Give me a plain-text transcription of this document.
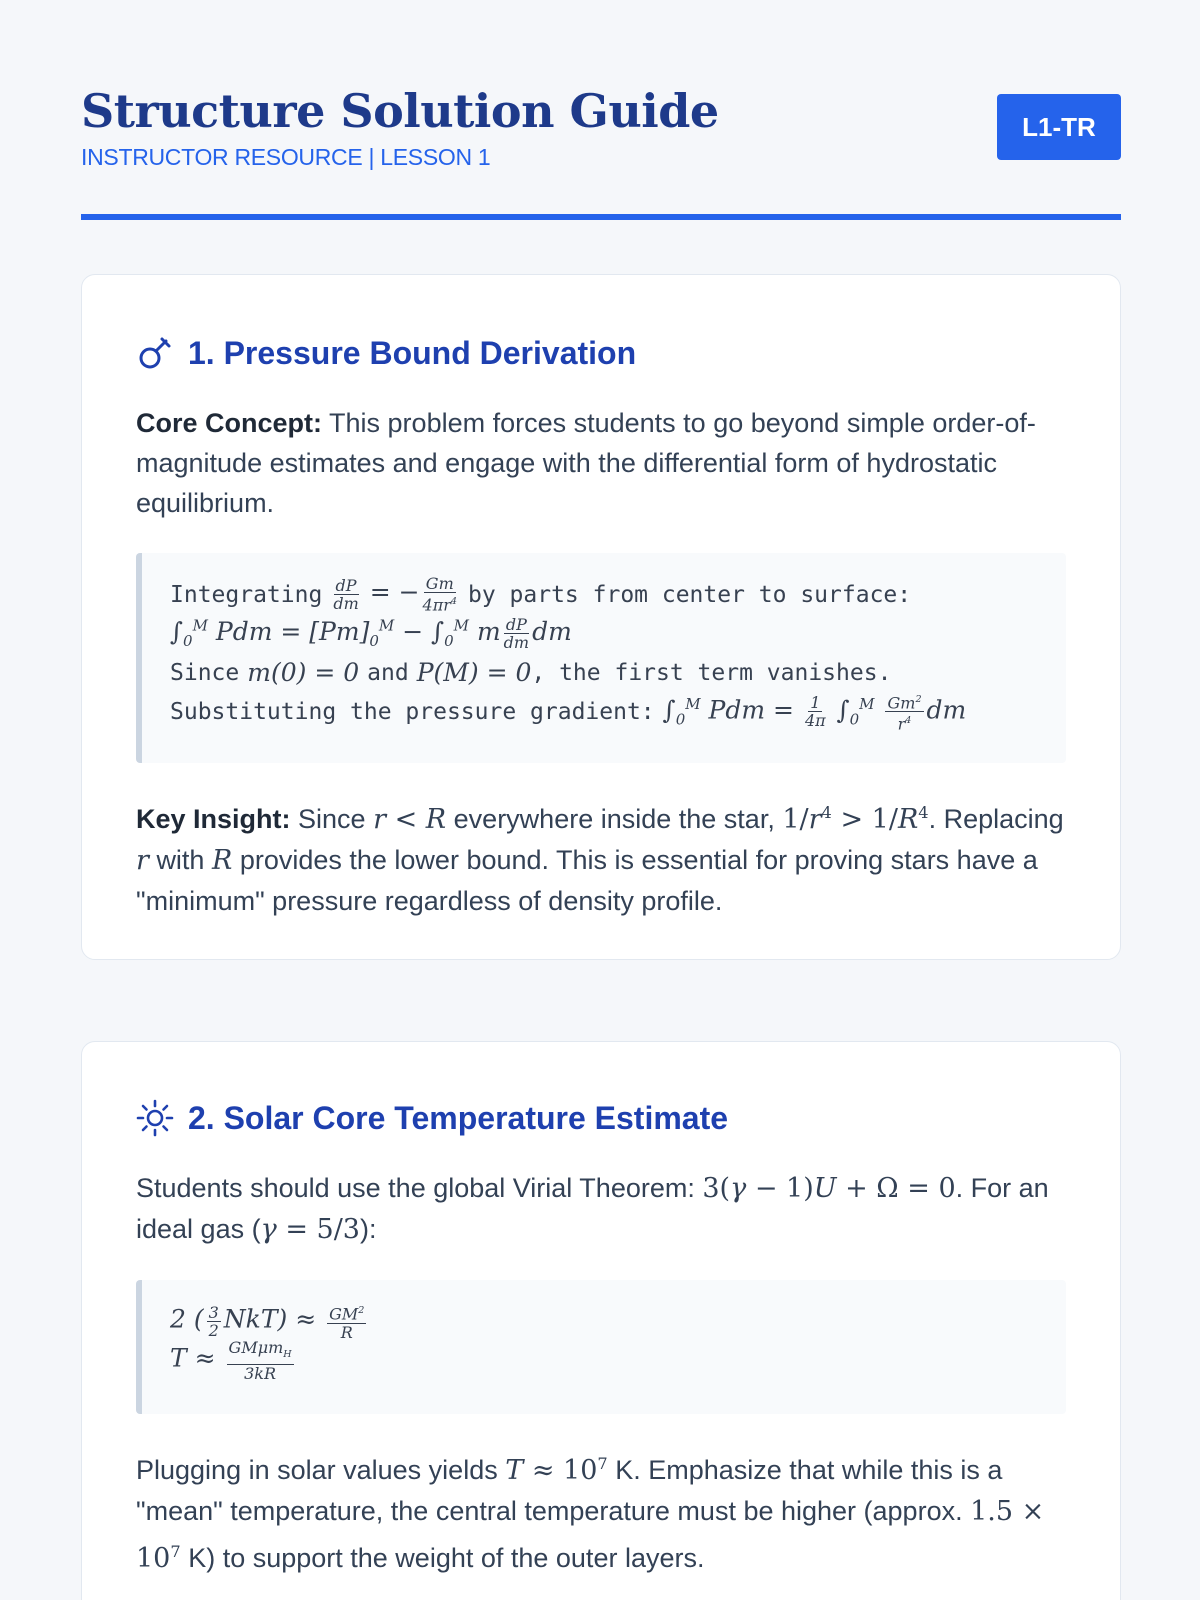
Structure Solution Guide
INSTRUCTOR RESOURCE | LESSON 1
L1-TR
1. Pressure Bound Derivation

Core Concept: This problem forces students to go beyond simple order-of-magnitude estimates and engage with the differential form of hydrostatic equilibrium.

Integrating $\frac{dP}{dm}$ = − $\frac{Gm}{4\pi r^4}$ by parts from center to surface:
$\int_0^M$ Pdm = $[Pm]_0^M - \int_0^M$ m $\frac{dP}{dm}$ dm
Since m(0) = 0 and P(M) = 0 , the first term vanishes.
Substituting the pressure gradient: $\int_0^M$ Pdm = $\frac{1}{4\pi} \int_0^M \frac{Gm^2}{r^4}$ dm

Key Insight: Since r < R everywhere inside the star, $1/r^4 > 1/R^4$. Replacing r with R provides the lower bound. This is essential for proving stars have a "minimum" pressure regardless of density profile.

2. Solar Core Temperature Estimate

Students should use the global Virial Theorem: 3(γ − 1)U + Ω = 0. For an ideal gas (γ = 5/3):

2 ( $\frac{3}{2} NkT) \approx \frac{GM^2}{R}$
$T \approx \frac{GM\mu m_H}{3kR}$

Plugging in solar values yields $T \approx 10^7$ K. Emphasize that while this is a "mean" temperature, the central temperature must be higher (approx. $1.5 \times 10^7$ K) to support the weight of the outer layers.
